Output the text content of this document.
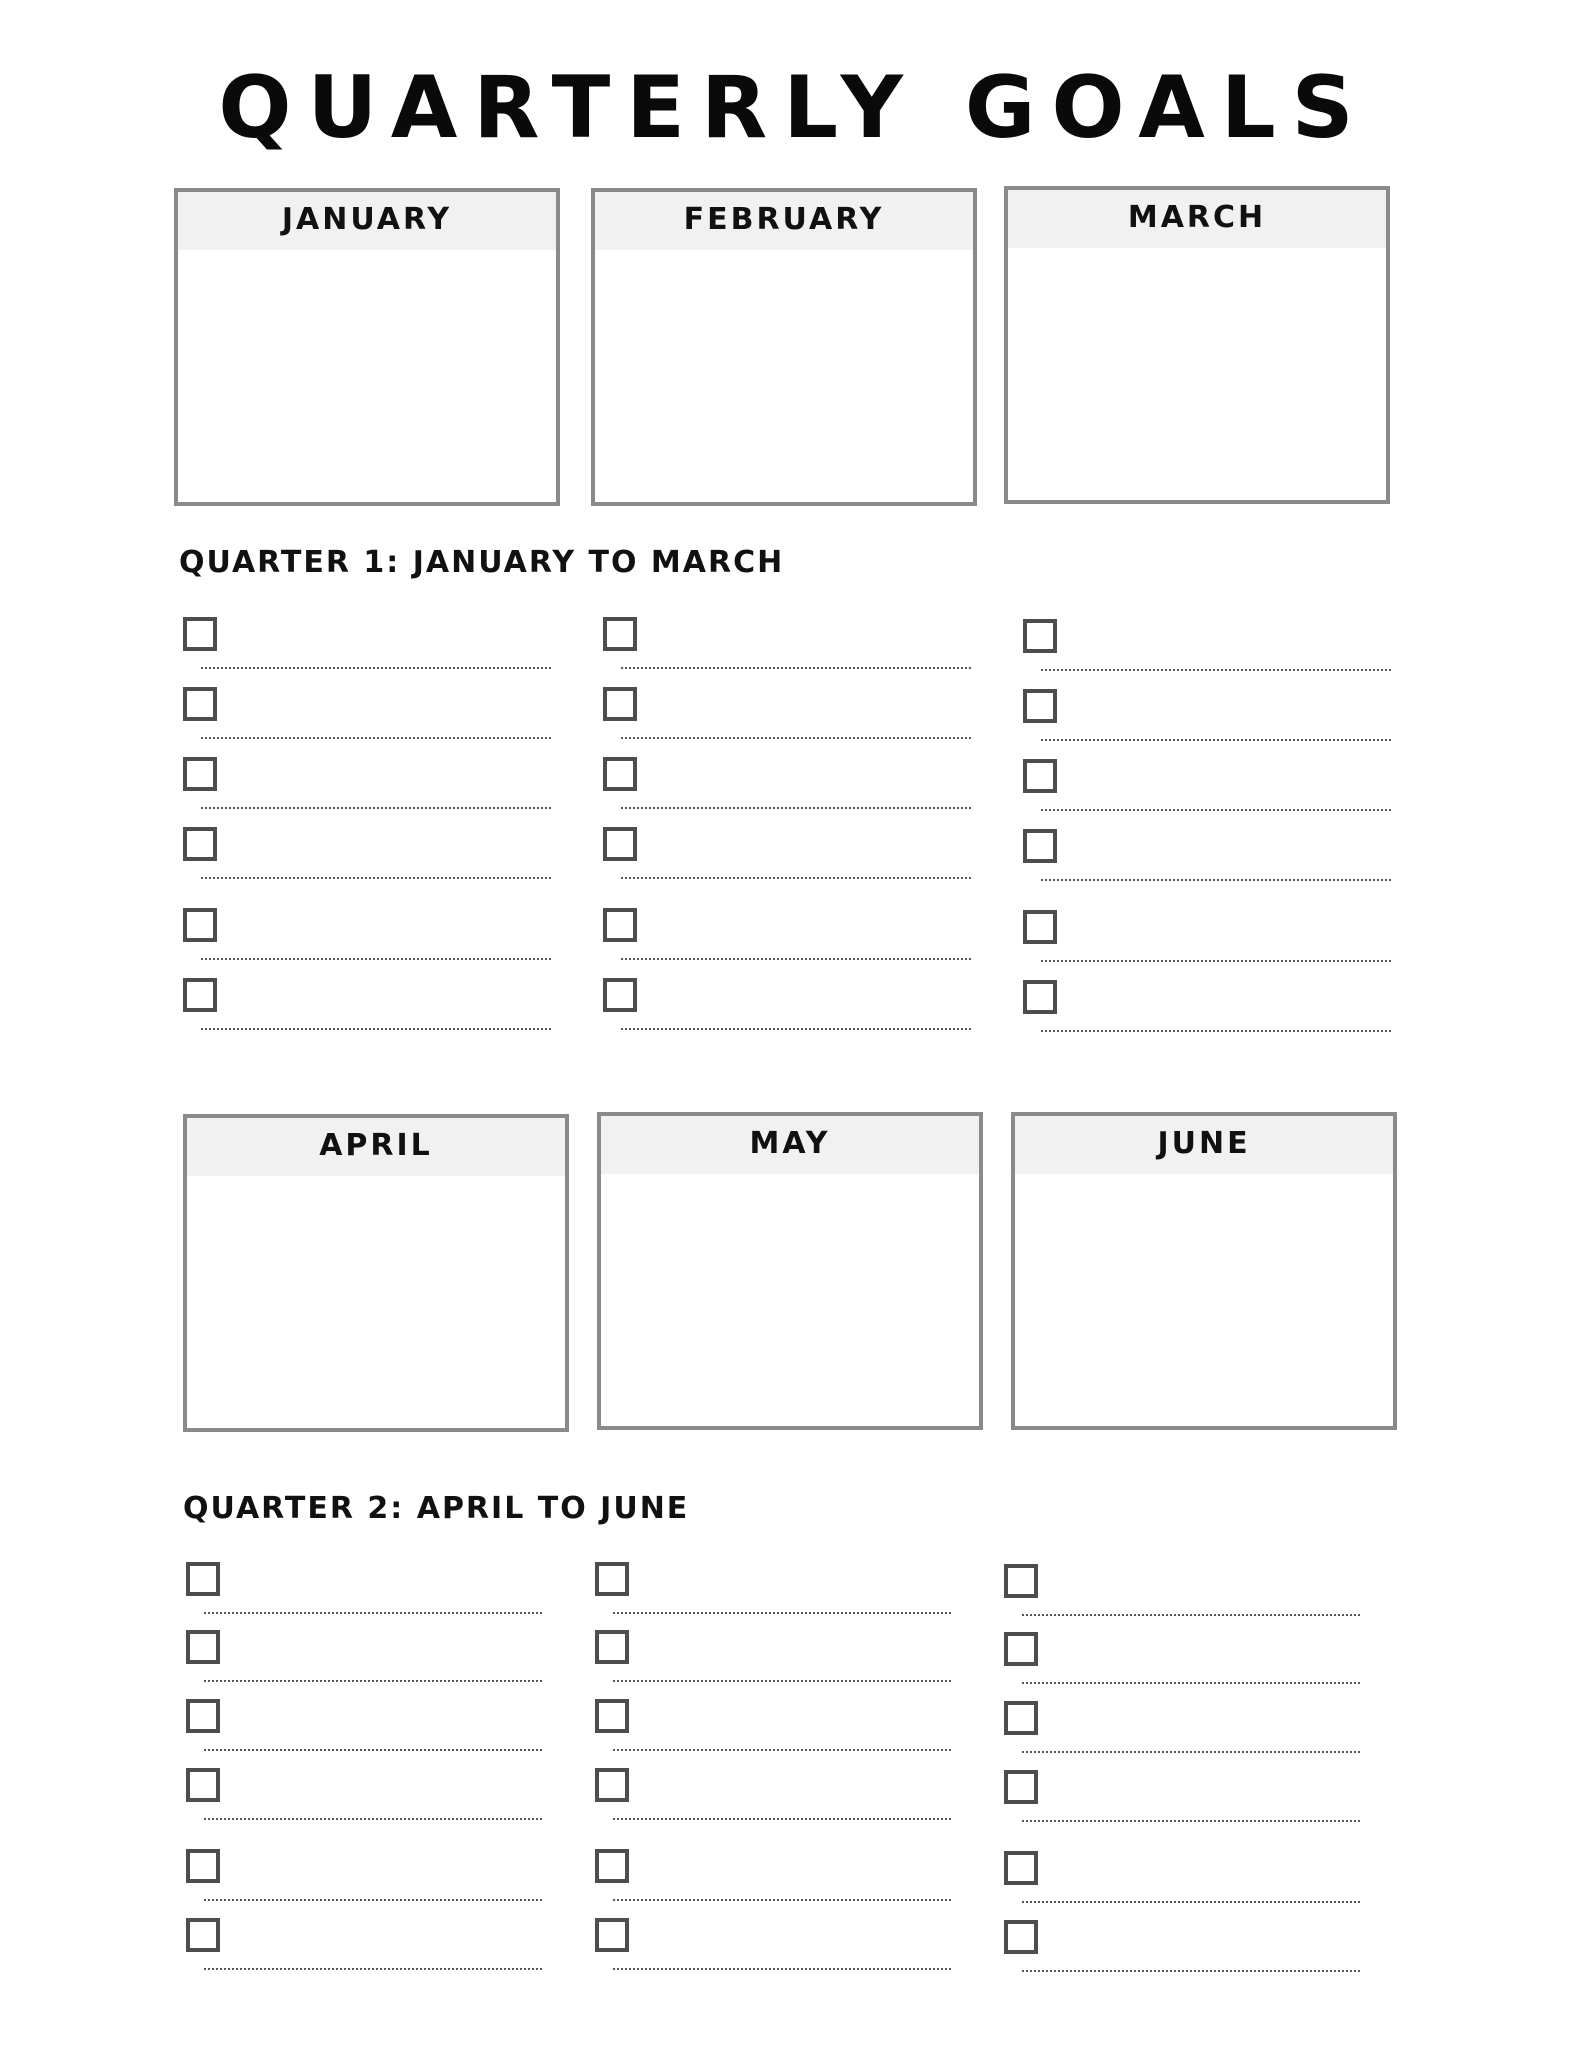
QUARTERLY GOALS
JANUARY	FEBRUARY	MARCH
QUARTER 1: JANUARY TO MARCH
APRIL	MAY	JUNE
QUARTER 2: APRIL TO JUNE
